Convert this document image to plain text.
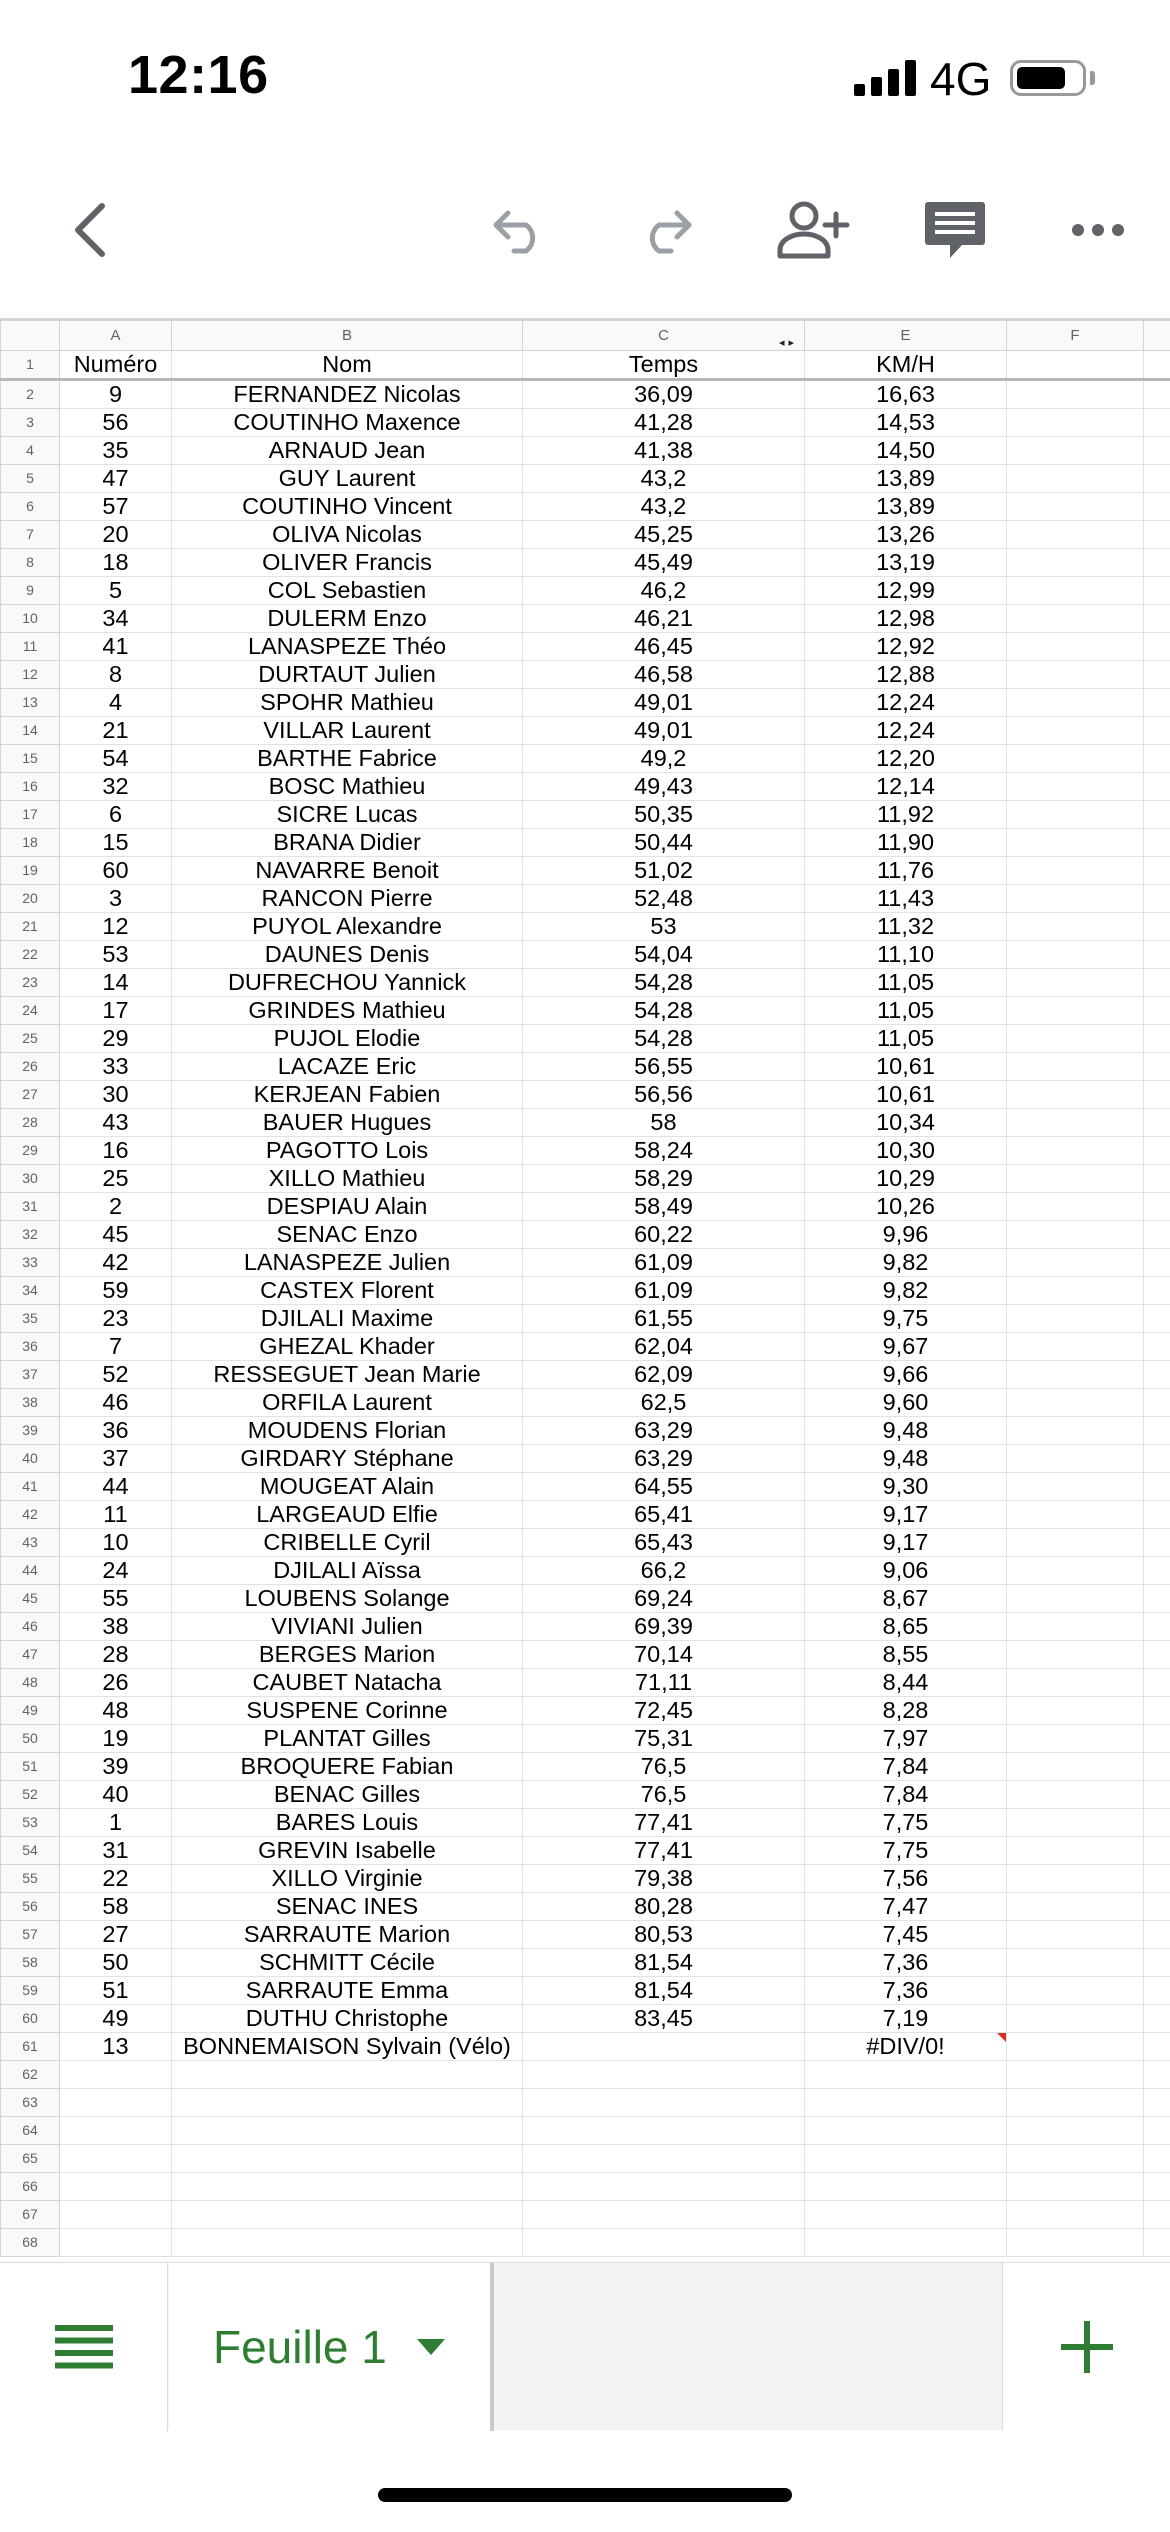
12:16	4G
	A	B	C ◂▸	E	F	
1	Numéro	Nom	Temps	KM/H		
2	9	FERNANDEZ Nicolas	36,09	16,63		
3	56	COUTINHO Maxence	41,28	14,53		
4	35	ARNAUD Jean	41,38	14,50		
5	47	GUY Laurent	43,2	13,89		
6	57	COUTINHO Vincent	43,2	13,89		
7	20	OLIVA Nicolas	45,25	13,26		
8	18	OLIVER Francis	45,49	13,19		
9	5	COL Sebastien	46,2	12,99		
10	34	DULERM Enzo	46,21	12,98		
11	41	LANASPEZE Théo	46,45	12,92		
12	8	DURTAUT Julien	46,58	12,88		
13	4	SPOHR Mathieu	49,01	12,24		
14	21	VILLAR Laurent	49,01	12,24		
15	54	BARTHE Fabrice	49,2	12,20		
16	32	BOSC Mathieu	49,43	12,14		
17	6	SICRE Lucas	50,35	11,92		
18	15	BRANA Didier	50,44	11,90		
19	60	NAVARRE Benoit	51,02	11,76		
20	3	RANCON Pierre	52,48	11,43		
21	12	PUYOL Alexandre	53	11,32		
22	53	DAUNES Denis	54,04	11,10		
23	14	DUFRECHOU Yannick	54,28	11,05		
24	17	GRINDES Mathieu	54,28	11,05		
25	29	PUJOL Elodie	54,28	11,05		
26	33	LACAZE Eric	56,55	10,61		
27	30	KERJEAN Fabien	56,56	10,61		
28	43	BAUER Hugues	58	10,34		
29	16	PAGOTTO Lois	58,24	10,30		
30	25	XILLO Mathieu	58,29	10,29		
31	2	DESPIAU Alain	58,49	10,26		
32	45	SENAC Enzo	60,22	9,96		
33	42	LANASPEZE Julien	61,09	9,82		
34	59	CASTEX Florent	61,09	9,82		
35	23	DJILALI Maxime	61,55	9,75		
36	7	GHEZAL Khader	62,04	9,67		
37	52	RESSEGUET Jean Marie	62,09	9,66		
38	46	ORFILA Laurent	62,5	9,60		
39	36	MOUDENS Florian	63,29	9,48		
40	37	GIRDARY Stéphane	63,29	9,48		
41	44	MOUGEAT Alain	64,55	9,30		
42	11	LARGEAUD Elfie	65,41	9,17		
43	10	CRIBELLE Cyril	65,43	9,17		
44	24	DJILALI Aïssa	66,2	9,06		
45	55	LOUBENS Solange	69,24	8,67		
46	38	VIVIANI Julien	69,39	8,65		
47	28	BERGES Marion	70,14	8,55		
48	26	CAUBET Natacha	71,11	8,44		
49	48	SUSPENE Corinne	72,45	8,28		
50	19	PLANTAT Gilles	75,31	7,97		
51	39	BROQUERE Fabian	76,5	7,84		
52	40	BENAC Gilles	76,5	7,84		
53	1	BARES Louis	77,41	7,75		
54	31	GREVIN Isabelle	77,41	7,75		
55	22	XILLO Virginie	79,38	7,56		
56	58	SENAC INES	80,28	7,47		
57	27	SARRAUTE Marion	80,53	7,45		
58	50	SCHMITT Cécile	81,54	7,36		
59	51	SARRAUTE Emma	81,54	7,36		
60	49	DUTHU Christophe	83,45	7,19		
61	13	BONNEMAISON Sylvain (Vélo)		#DIV/0!

62						
63						
64						
65						
66						
67						
68						
Feuille 1
